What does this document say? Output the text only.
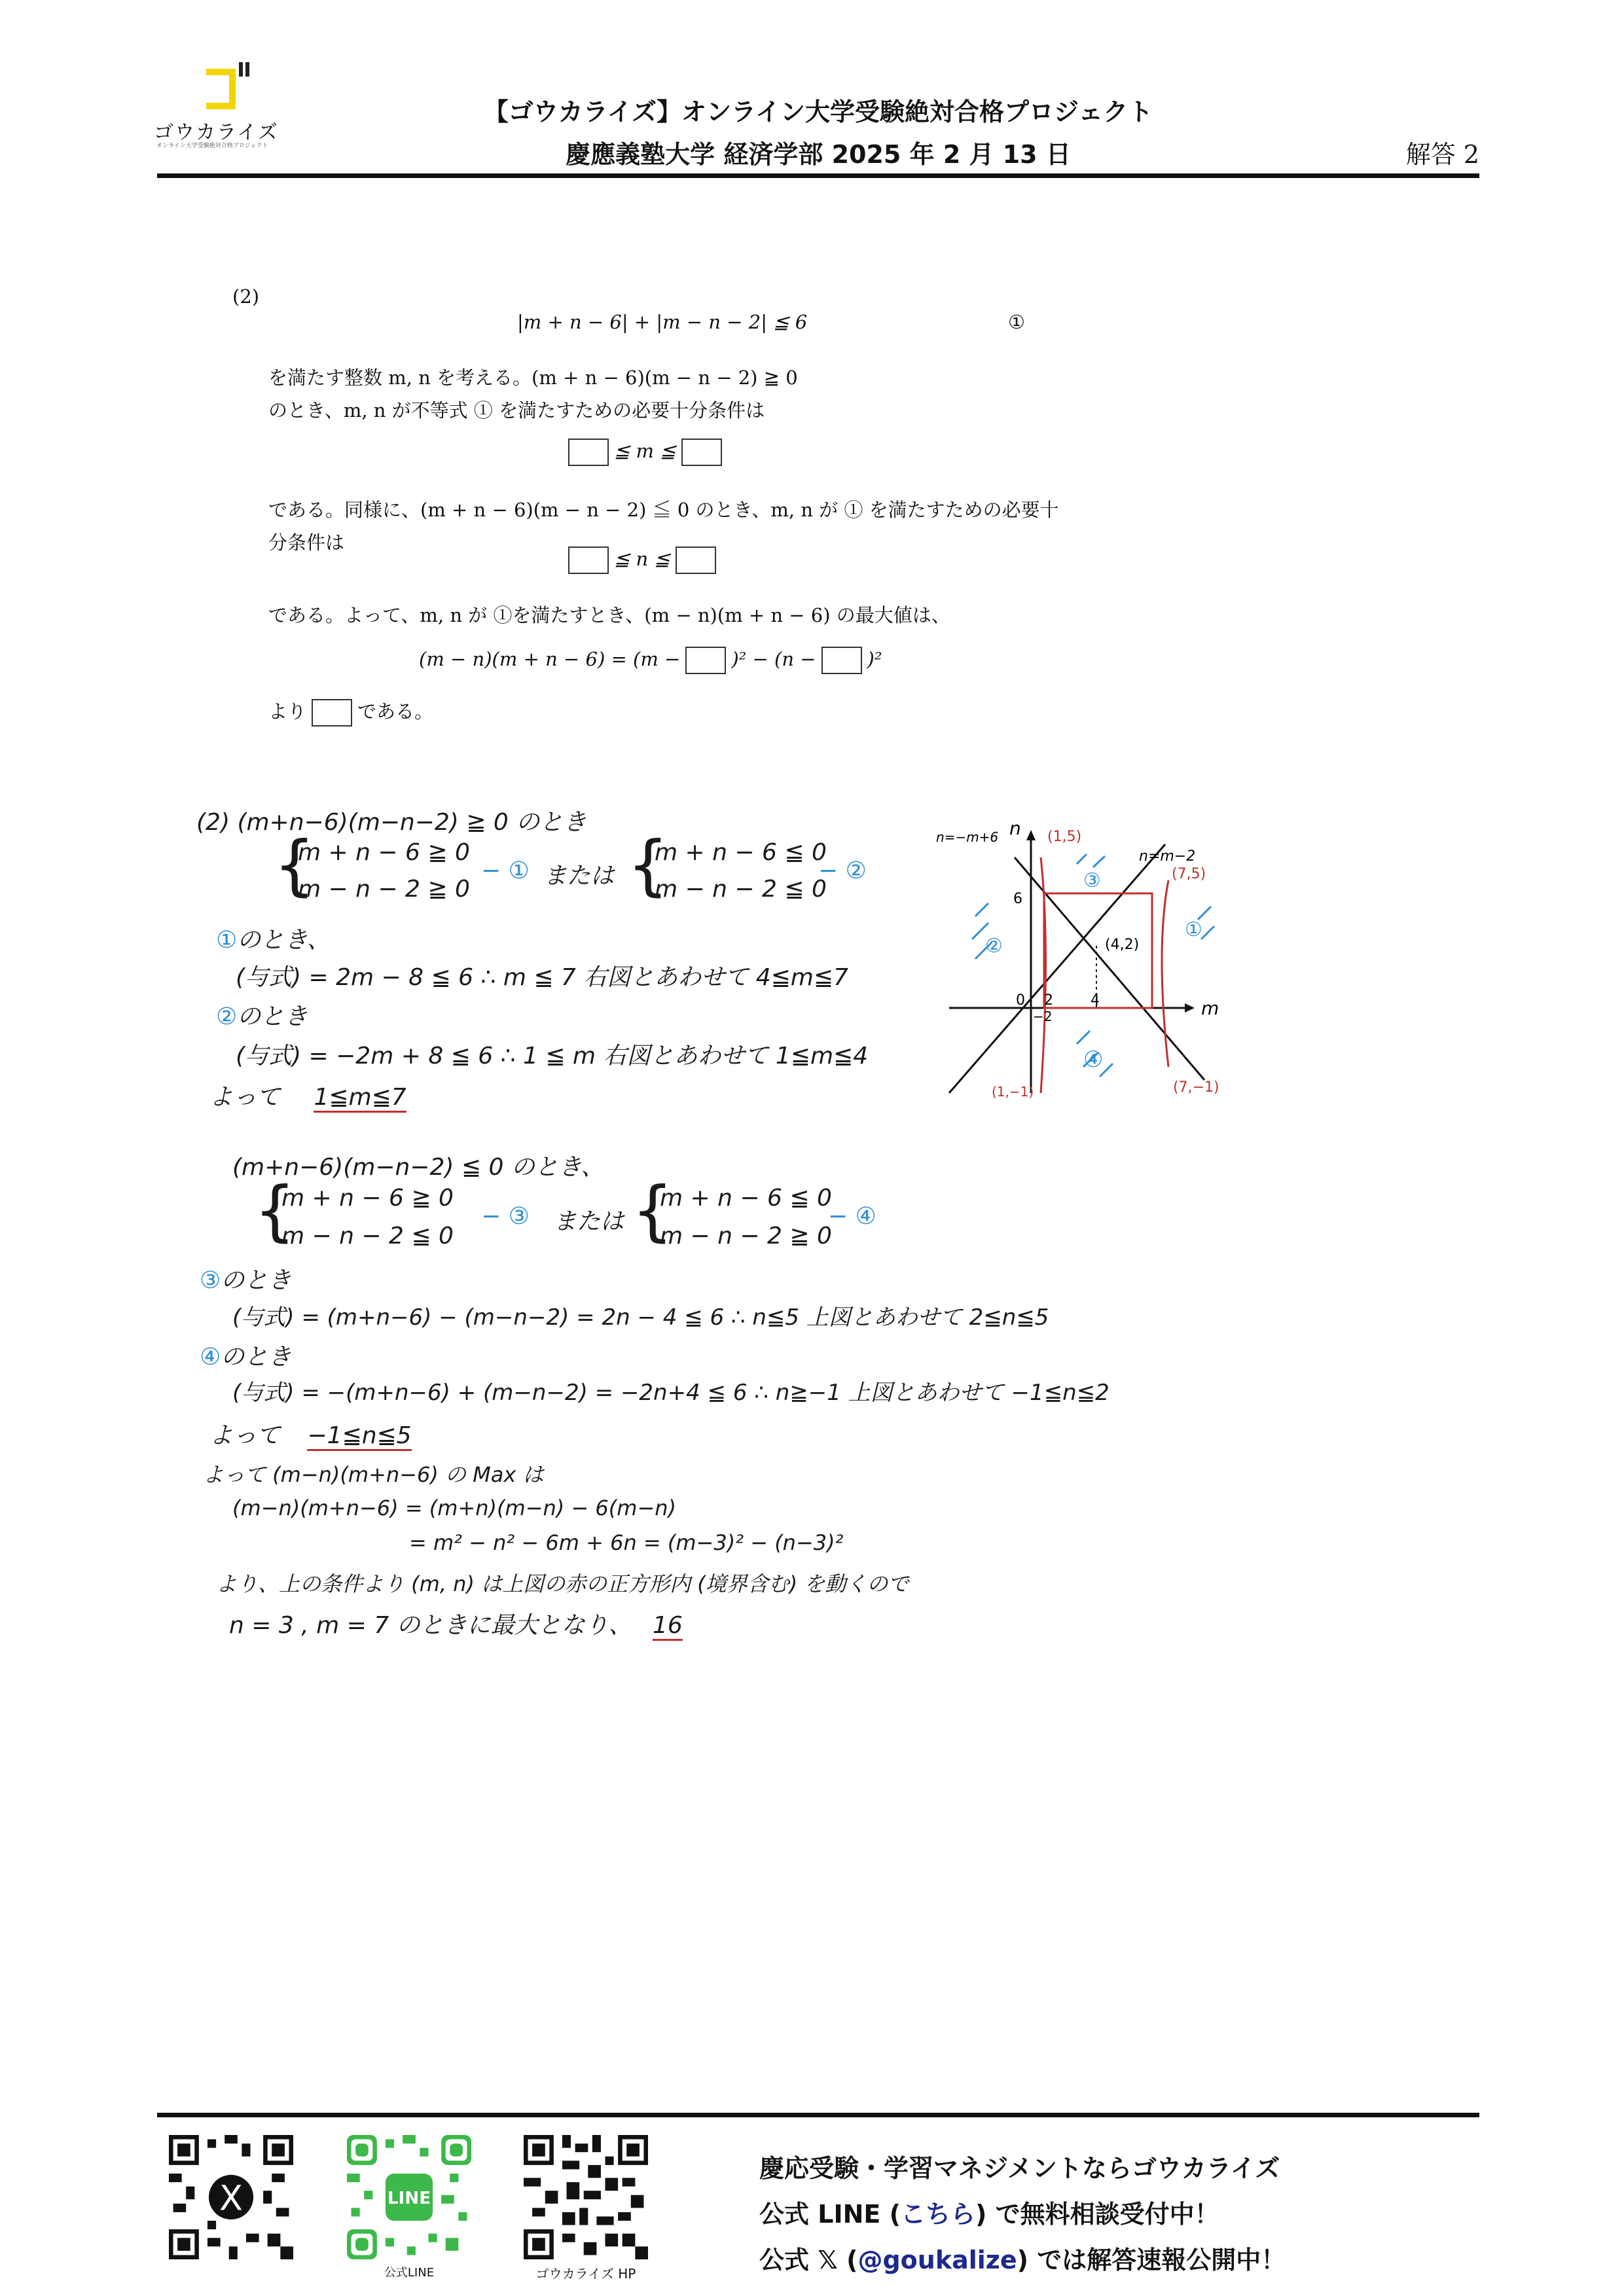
ゴウカライズ
オンライン大学受験絶対合格プロジェクト
【ゴウカライズ】オンライン大学受験絶対合格プロジェクト
慶應義塾大学 経済学部 2025 年 2 月 13 日	解答 2
(2)
|m + n − 6| + |m − n − 2| ≦ 6	①
を満たす整数 m, n を考える。(m + n − 6)(m − n − 2) ≧ 0
のとき、m, n が不等式 ① を満たすための必要十分条件は
≦ m ≦
である。同様に、(m + n − 6)(m − n − 2) ≦ 0 のとき、m, n が ① を満たすための必要十
分条件は
≦ n ≦
である。よって、m, n が ①を満たすとき、(m − n)(m + n − 6) の最大値は、
(m − n)(m + n − 6) = (m −	)² − (n −	)²
より	である。
(2) (m+n−6)(m−n−2) ≧ 0 のとき
{
m + n − 6 ≧ 0
m − n − 2 ≧ 0
− ① または {
m + n − 6 ≦ 0
m − n − 2 ≦ 0
− ②
①のとき、
(与式) = 2m − 8 ≦ 6 ∴ m ≦ 7 右図とあわせて 4≦m≦7
②のとき
(与式) = −2m + 8 ≦ 6 ∴ 1 ≦ m 右図とあわせて 1≦m≦4
よって 1≦m≦7
(m+n−6)(m−n−2) ≦ 0 のとき、
{
m + n − 6 ≧ 0
m − n − 2 ≦ 0
− ③ または {
m + n − 6 ≦ 0
m − n − 2 ≧ 0
− ④
③のとき
(与式) = (m+n−6) − (m−n−2) = 2n − 4 ≦ 6 ∴ n≦5 上図とあわせて 2≦n≦5
④のとき
(与式) = −(m+n−6) + (m−n−2) = −2n+4 ≦ 6 ∴ n≧−1 上図とあわせて −1≦n≦2
よって −1≦n≦5
よって (m−n)(m+n−6) の Max は
(m−n)(m+n−6) = (m+n)(m−n) − 6(m−n)
= m² − n² − 6m + 6n = (m−3)² − (n−3)²
より、上の条件より (m, n) は上図の赤の正方形内 (境界含む) を動くので
n = 3 , m = 7 のときに最大となり、 16
m
n
n=−m+6
n=m−2
6
0 2	4
−2
(1,5)
(7,5)
(4,2)
(1,−1)	(7,−1)
①
②
③
④
X	LINE
公式LINE	ゴウカライズ HP
慶応受験・学習マネジメントならゴウカライズ
公式 LINE (こちら) で無料相談受付中！
公式 𝕏 (@goukalize) では解答速報公開中！
